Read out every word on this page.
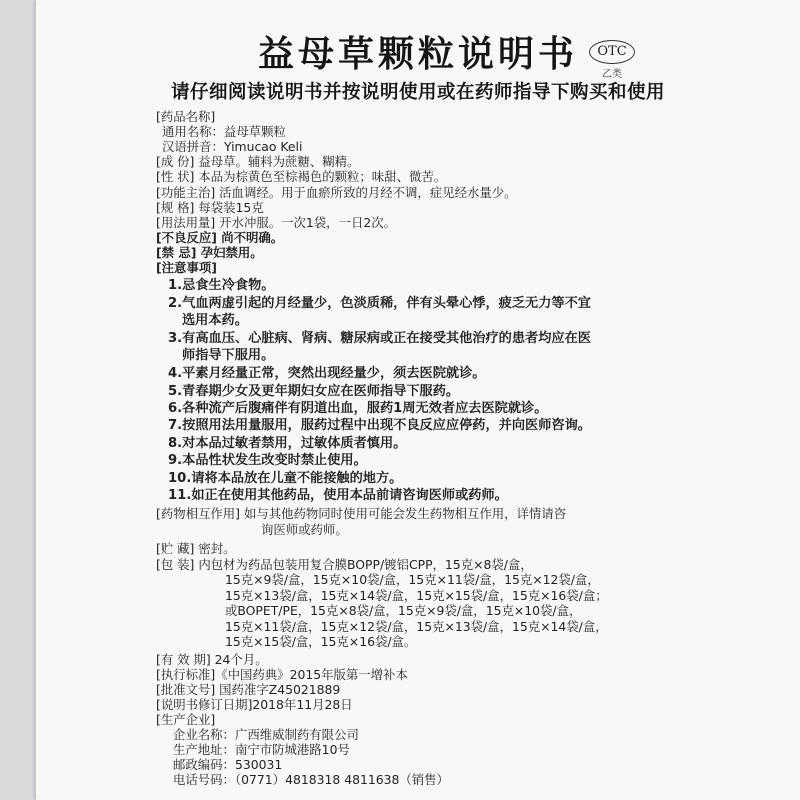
益母草颗粒说明书	OTC
乙类
请仔细阅读说明书并按说明使用或在药师指导下购买和使用
[药品名称]
通用名称：益母草颗粒
汉语拼音：Yimucao Keli
[成 份] 益母草。辅料为蔗糖、糊精。
[性 状] 本品为棕黄色至棕褐色的颗粒；味甜、微苦。
[功能主治] 活血调经。用于血瘀所致的月经不调，症见经水量少。
[规 格] 每袋装15克
[用法用量] 开水冲服。一次1袋，一日2次。
[不良反应] 尚不明确。
[禁 忌] 孕妇禁用。
[注意事项]
1.忌食生冷食物。
2.气血两虚引起的月经量少，色淡质稀，伴有头晕心悸，疲乏无力等不宜
选用本药。
3.有高血压、心脏病、肾病、糖尿病或正在接受其他治疗的患者均应在医
师指导下服用。
4.平素月经量正常，突然出现经量少，须去医院就诊。
5.青春期少女及更年期妇女应在医师指导下服药。
6.各种流产后腹痛伴有阴道出血，服药1周无效者应去医院就诊。
7.按照用法用量服用，服药过程中出现不良反应应停药，并向医师咨询。
8.对本品过敏者禁用，过敏体质者慎用。
9.本品性状发生改变时禁止使用。
10.请将本品放在儿童不能接触的地方。
11.如正在使用其他药品，使用本品前请咨询医师或药师。
[药物相互作用] 如与其他药物同时使用可能会发生药物相互作用，详情请咨
询医师或药师。
[贮 藏] 密封。
[包 装] 内包材为药品包装用复合膜BOPP/镀铝CPP，15克×8袋/盒，
15克×9袋/盒，15克×10袋/盒，15克×11袋/盒，15克×12袋/盒，
15克×13袋/盒，15克×14袋/盒，15克×15袋/盒，15克×16袋/盒；
或BOPET/PE，15克×8袋/盒，15克×9袋/盒，15克×10袋/盒，
15克×11袋/盒，15克×12袋/盒，15克×13袋/盒，15克×14袋/盒，
15克×15袋/盒，15克×16袋/盒。
[有 效 期] 24个月。
[执行标准]《中国药典》2015年版第一增补本
[批准文号] 国药准字Z45021889
[说明书修订日期]2018年11月28日
[生产企业]
企业名称：广西维威制药有限公司
生产地址：南宁市防城港路10号
邮政编码：530031
电话号码：（0771）4818318 4811638（销售）
